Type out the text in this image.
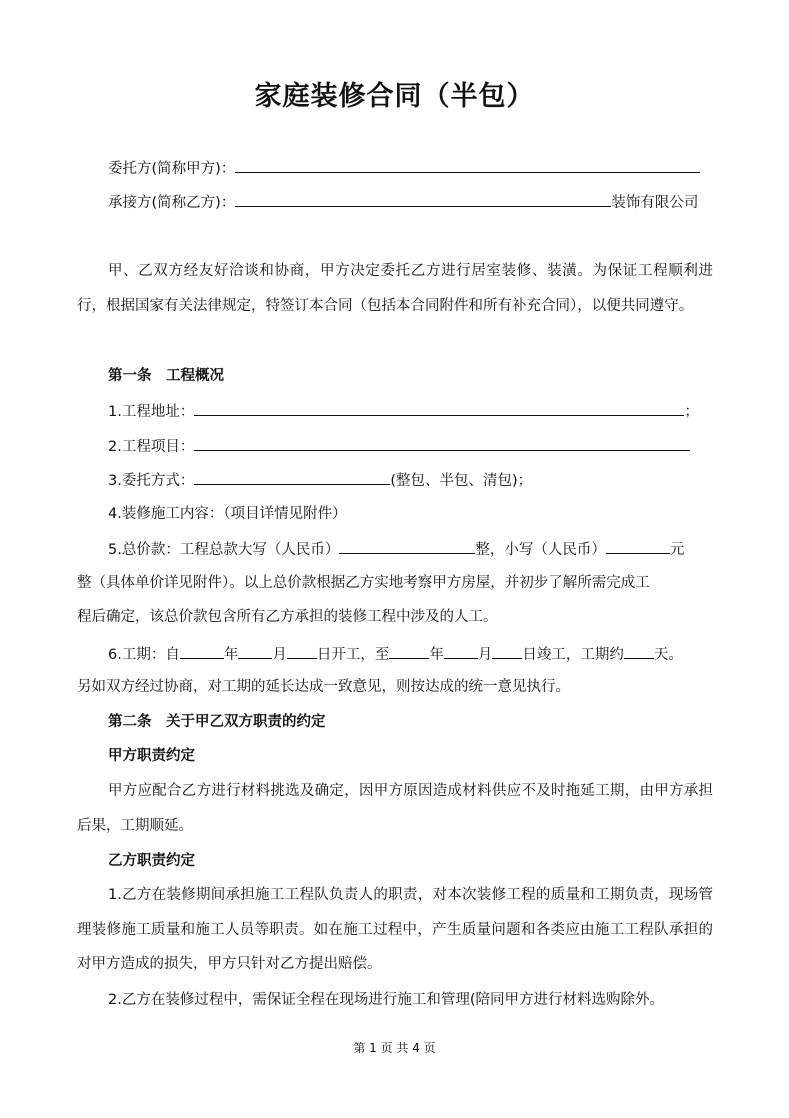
家庭装修合同（半包）
委托方(简称甲方)：
承接方(简称乙方)：	装饰有限公司
甲、乙双方经友好洽谈和协商，甲方决定委托乙方进行居室装修、装潢。为保证工程顺利进行，根据国家有关法律规定，特签订本合同（包括本合同附件和所有补充合同），以便共同遵守。
第一条　工程概况
1.工程地址：	；
2.工程项目：
3.委托方式：	(整包、半包、清包)；
4.装修施工内容：（项目详情见附件）
5.总价款：工程总款大写（人民币）	整，小写（人民币）	元
整（具体单价详见附件）。以上总价款根据乙方实地考察甲方房屋，并初步了解所需完成工
程后确定，该总价款包含所有乙方承担的装修工程中涉及的人工。
6.工期：自	年 月 日开工，至	年 月 日竣工，工期约 天。
另如双方经过协商，对工期的延长达成一致意见，则按达成的统一意见执行。
第二条　关于甲乙双方职责的约定
甲方职责约定
甲方应配合乙方进行材料挑选及确定，因甲方原因造成材料供应不及时拖延工期，由甲方承担后果，工期顺延。
乙方职责约定
1.乙方在装修期间承担施工工程队负责人的职责，对本次装修工程的质量和工期负责，现场管理装修施工质量和施工人员等职责。如在施工过程中，产生质量问题和各类应由施工工程队承担的对甲方造成的损失，甲方只针对乙方提出赔偿。
2.乙方在装修过程中，需保证全程在现场进行施工和管理(陪同甲方进行材料选购除外。
第 1 页 共 4 页
